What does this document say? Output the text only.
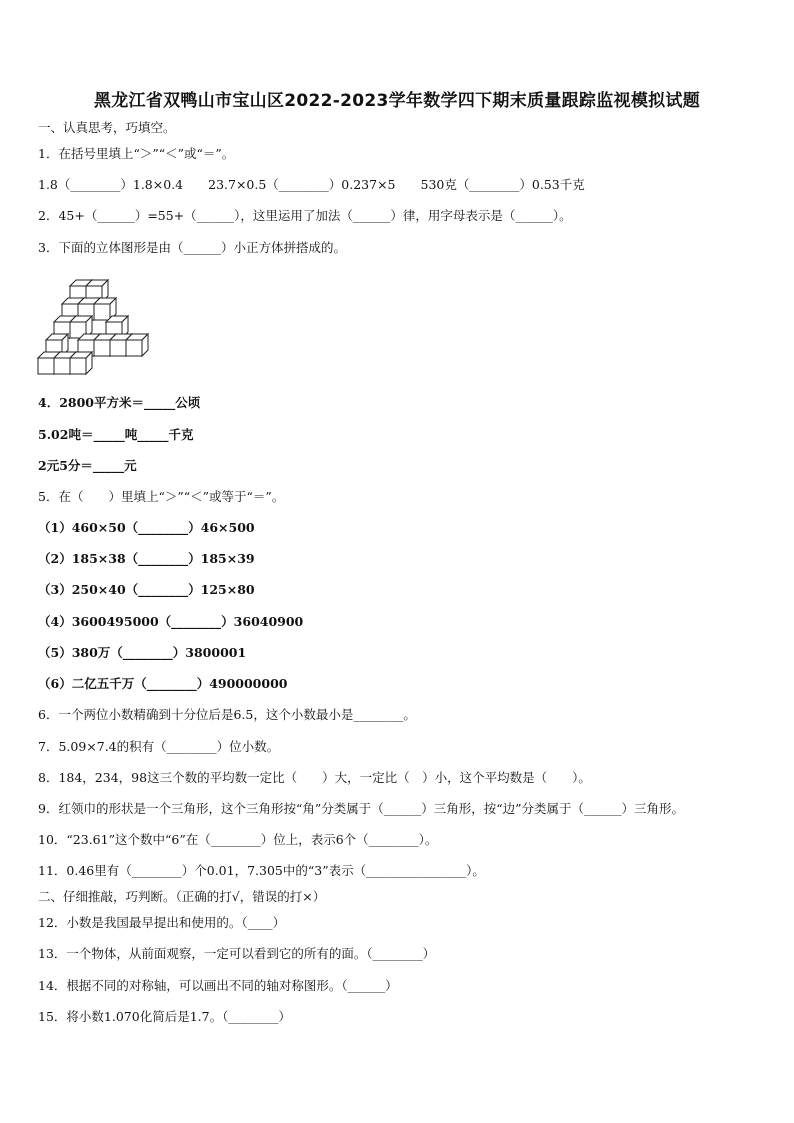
黑龙江省双鸭山市宝山区2022-2023学年数学四下期末质量跟踪监视模拟试题
一、认真思考，巧填空。
1．在括号里填上“＞”“＜”或“＝”。
1.8（________）1.8×0.4　　23.7×0.5（________）0.237×5　　530克（________）0.53千克
2．45+（______）=55+（______），这里运用了加法（______）律，用字母表示是（______）。
3．下面的立体图形是由（______）小正方体拼搭成的。
4．2800平方米＝_____公顷
5.02吨＝_____吨_____千克
2元5分＝_____元
5．在（　　）里填上“＞”“＜”或等于“＝”。
（1）460×50（________）46×500
（2）185×38（________）185×39
（3）250×40（________）125×80
（4）3600495000（________）36040900
（5）380万（________）3800001
（6）二亿五千万（________）490000000
6．一个两位小数精确到十分位后是6.5，这个小数最小是________。
7．5.09×7.4的积有（________）位小数。
8．184，234，98这三个数的平均数一定比（　　）大，一定比（　）小，这个平均数是（　　）。
9．红领巾的形状是一个三角形，这个三角形按“角”分类属于（______）三角形，按“边”分类属于（______）三角形。
10．“23.61”这个数中“6”在（________）位上，表示6个（________）。
11．0.46里有（________）个0.01，7.305中的“3”表示（________________）。
二、仔细推敲，巧判断。（正确的打√，错误的打×）
12．小数是我国最早提出和使用的。（____）
13．一个物体，从前面观察，一定可以看到它的所有的面。（________）
14．根据不同的对称轴，可以画出不同的轴对称图形。（______）
15．将小数1.070化简后是1.7。（________）
